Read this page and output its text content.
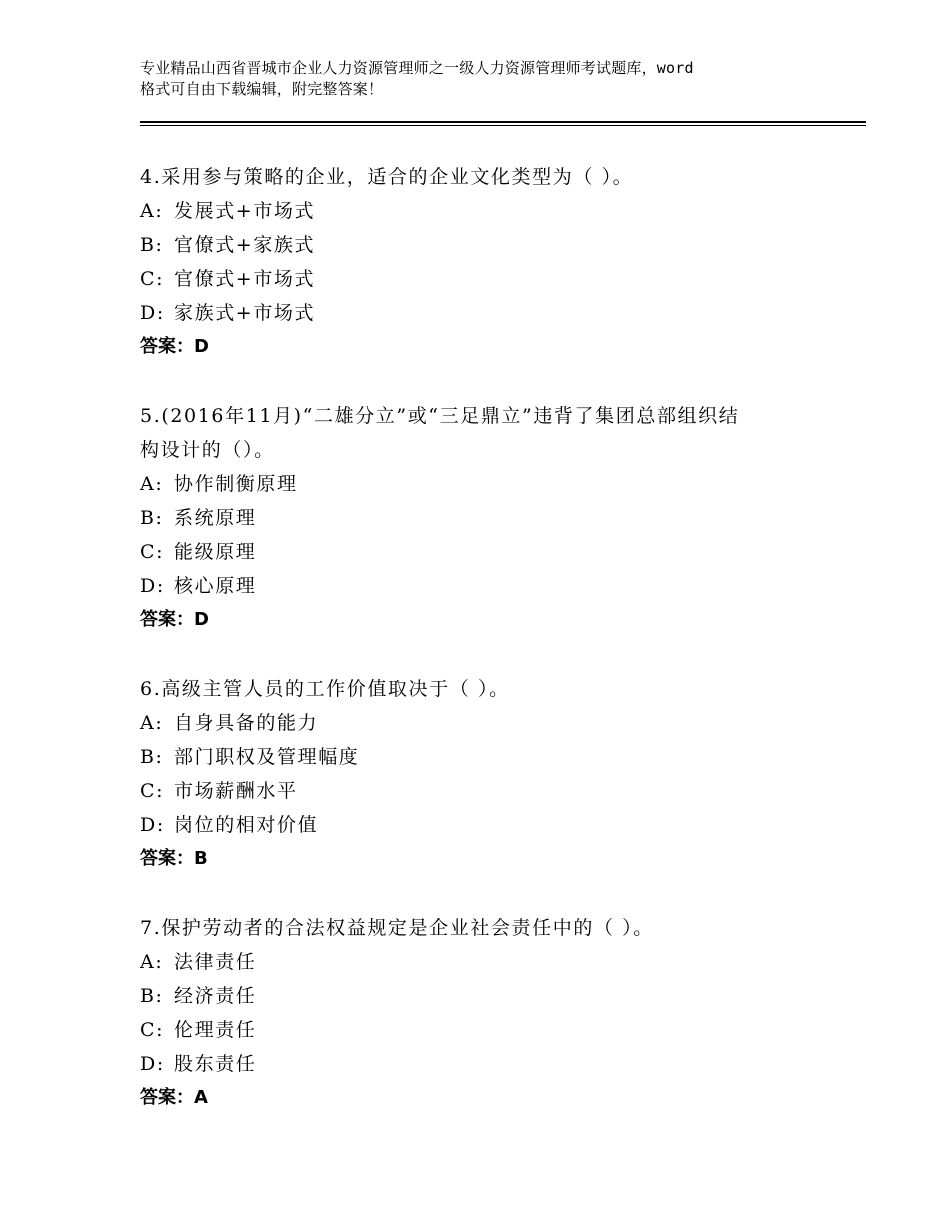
专业精品山西省晋城市企业人力资源管理师之一级人力资源管理师考试题库，word
格式可自由下载编辑，附完整答案！
4.采用参与策略的企业，适合的企业文化类型为（ ）。
A: 发展式+市场式
B: 官僚式+家族式
C: 官僚式+市场式
D: 家族式+市场式
答案：D
5.(2016年11月)“二雄分立”或“三足鼎立”违背了集团总部组织结
构设计的（）。
A: 协作制衡原理
B: 系统原理
C: 能级原理
D: 核心原理
答案：D
6.高级主管人员的工作价值取决于（ ）。
A: 自身具备的能力
B: 部门职权及管理幅度
C: 市场薪酬水平
D: 岗位的相对价值
答案：B
7.保护劳动者的合法权益规定是企业社会责任中的（ ）。
A: 法律责任
B: 经济责任
C: 伦理责任
D: 股东责任
答案：A
